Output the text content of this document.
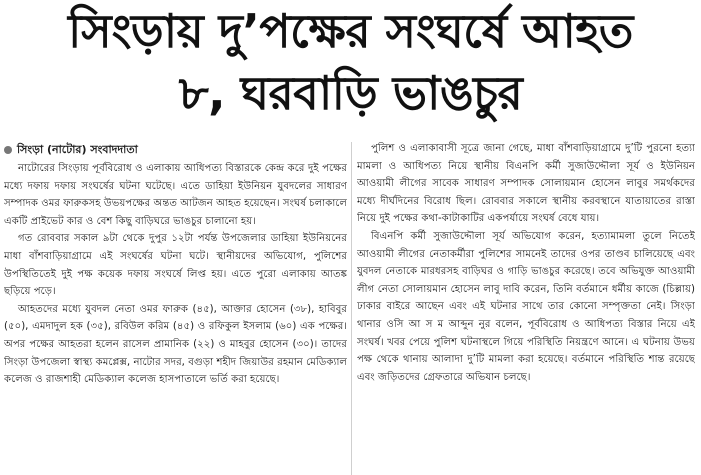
সিংড়ায় দু’পক্ষের সংঘর্ষে আহত
৮, ঘরবাড়ি ভাঙচুর
সিংড়া (নাটোর) সংবাদদাতা

নাটোরের সিংড়ায় পূর্ববিরোধ ও এলাকায় আধিপত্য বিস্তারকে কেন্দ্র করে দুই পক্ষের মধ্যে দফায় দফায় সংঘর্ষের ঘটনা ঘটেছে। এতে ডাহিয়া ইউনিয়ন যুবদলের সাধারণ সম্পাদক ওমর ফারুকসহ উভয়পক্ষের অন্তত আটজন আহত হয়েছেন। সংঘর্ষ চলাকালে একটি প্রাইভেট কার ও বেশ কিছু বাড়িঘরে ভাঙচুর চালানো হয়।

গত রোববার সকাল ৯টা থেকে দুপুর ১২টা পর্যন্ত উপজেলার ডাহিয়া ইউনিয়নের মাধা বাঁশবাড়িয়াগ্রামে এই সংঘর্ষের ঘটনা ঘটে। স্থানীয়দের অভিযোগ, পুলিশের উপস্থিতিতেই দুই পক্ষ কয়েক দফায় সংঘর্ষে লিপ্ত হয়। এতে পুরো এলাকায় আতঙ্ক ছড়িয়ে পড়ে।

আহতদের মধ্যে যুবদল নেতা ওমর ফারুক (৪৫), আক্তার হোসেন (৩৮), হাবিবুর (৫০), এমদাদুল হক (৩৫), রবিউল করিম (৪৫) ও রফিকুল ইসলাম (৬০) এক পক্ষের। অপর পক্ষের আহতরা হলেন রাসেল প্রামানিক (২২) ও মাহবুর হোসেন (৩০)। তাদের সিংড়া উপজেলা স্বাস্থ্য কমপ্লেক্স, নাটোর সদর, বগুড়া শহীদ জিয়াউর রহমান মেডিক্যাল কলেজ ও রাজশাহী মেডিক্যাল কলেজ হাসপাতালে ভর্তি করা হয়েছে।

পুলিশ ও এলাকাবাসী সূত্রে জানা গেছে, মাধা বাঁশবাড়িয়াগ্রামে দু’টি পুরনো হত্যা মামলা ও আধিপত্য নিয়ে স্থানীয় বিএনপি কর্মী সুজাউদ্দৌলা সূর্য ও ইউনিয়ন আওয়ামী লীগের সাবেক সাধারণ সম্পাদক সোলায়মান হোসেন লাবুর সমর্থকদের মধ্যে দীর্ঘদিনের বিরোধ ছিল। রোববার সকালে স্থানীয় করবস্থানে যাতায়াতের রাস্তা নিয়ে দুই পক্ষের কথা-কাটাকাটির একপর্যায়ে সংঘর্ষ বেধে যায়।

বিএনপি কর্মী সুজাউদ্দৌলা সূর্য অভিযোগ করেন, হত্যামামলা তুলে নিতেই আওয়ামী লীগের নেতাকর্মীরা পুলিশের সামনেই তাদের ওপর তাণ্ডব চালিয়েছে এবং যুবদল নেতাকে মারধরসহ বাড়িঘর ও গাড়ি ভাঙচুর করেছে। তবে অভিযুক্ত আওয়ামী লীগ নেতা সোলায়মান হোসেন লাবু দাবি করেন, তিনি বর্তমানে ধর্মীয় কাজে (চিল্লায়) ঢাকার বাইরে আছেন এবং এই ঘটনার সাথে তার কোনো সম্পৃক্ততা নেই। সিংড়া থানার ওসি আ স ম আব্দুন নুর বলেন, পূর্ববিরোধ ও আধিপত্য বিস্তার নিয়ে এই সংঘর্ষ। খবর পেয়ে পুলিশ ঘটনাস্থলে গিয়ে পরিস্থিতি নিয়ন্ত্রণে আনে। এ ঘটনায় উভয় পক্ষ থেকে থানায় আলাদা দু’টি মামলা করা হয়েছে। বর্তমানে পরিস্থিতি শান্ত রয়েছে এবং জড়িতদের গ্রেফতারে অভিযান চলছে।
